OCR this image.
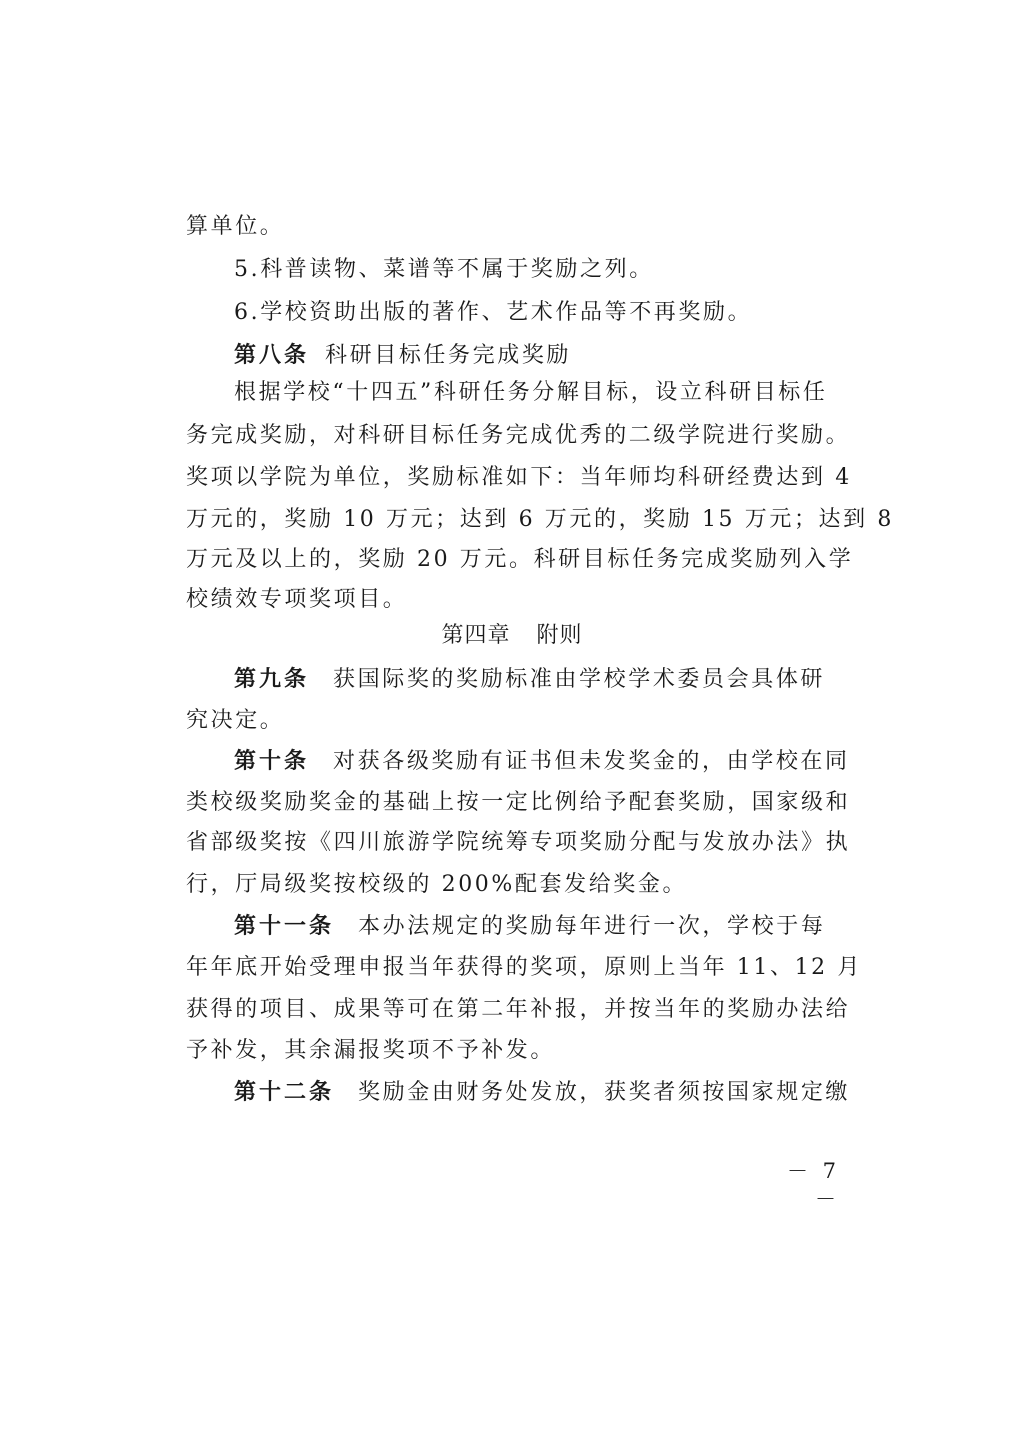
算单位。
5.科普读物、菜谱等不属于奖励之列。
6.学校资助出版的著作、艺术作品等不再奖励。
第八条 科研目标任务完成奖励
根据学校“十四五”科研任务分解目标，设立科研目标任
务完成奖励，对科研目标任务完成优秀的二级学院进行奖励。
奖项以学院为单位，奖励标准如下：当年师均科研经费达到 4
万元的，奖励 10 万元；达到 6 万元的，奖励 15 万元；达到 8
万元及以上的，奖励 20 万元。科研目标任务完成奖励列入学
校绩效专项奖项目。
第四章 附则
第九条 获国际奖的奖励标准由学校学术委员会具体研
究决定。
第十条 对获各级奖励有证书但未发奖金的，由学校在同
类校级奖励奖金的基础上按一定比例给予配套奖励，国家级和
省部级奖按《四川旅游学院统筹专项奖励分配与发放办法》执
行，厅局级奖按校级的 200%配套发给奖金。
第十一条 本办法规定的奖励每年进行一次，学校于每
年年底开始受理申报当年获得的奖项，原则上当年 11、12 月
获得的项目、成果等可在第二年补报，并按当年的奖励办法给
予补发，其余漏报奖项不予补发。
第十二条 奖励金由财务处发放，获奖者须按国家规定缴
－ 7 －
